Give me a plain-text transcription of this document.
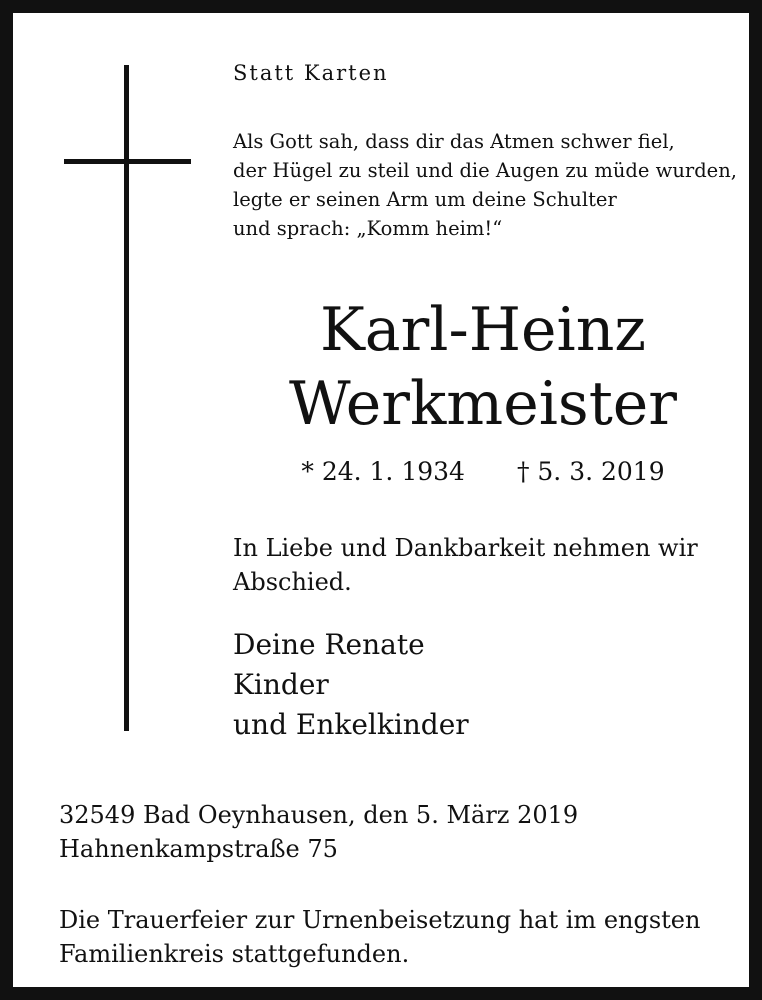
Statt Karten
Als Gott sah, dass dir das Atmen schwer fiel,
der Hügel zu steil und die Augen zu müde wurden,
legte er seinen Arm um deine Schulter
und sprach: „Komm heim!“
Karl-Heinz
Werkmeister
* 24. 1. 1934 † 5. 3. 2019
In Liebe und Dankbarkeit nehmen wir Abschied.
Deine Renate
Kinder
und Enkelkinder
32549 Bad Oeynhausen, den 5. März 2019
Hahnenkampstraße 75
Die Trauerfeier zur Urnenbeisetzung hat im engsten
Familienkreis stattgefunden.
